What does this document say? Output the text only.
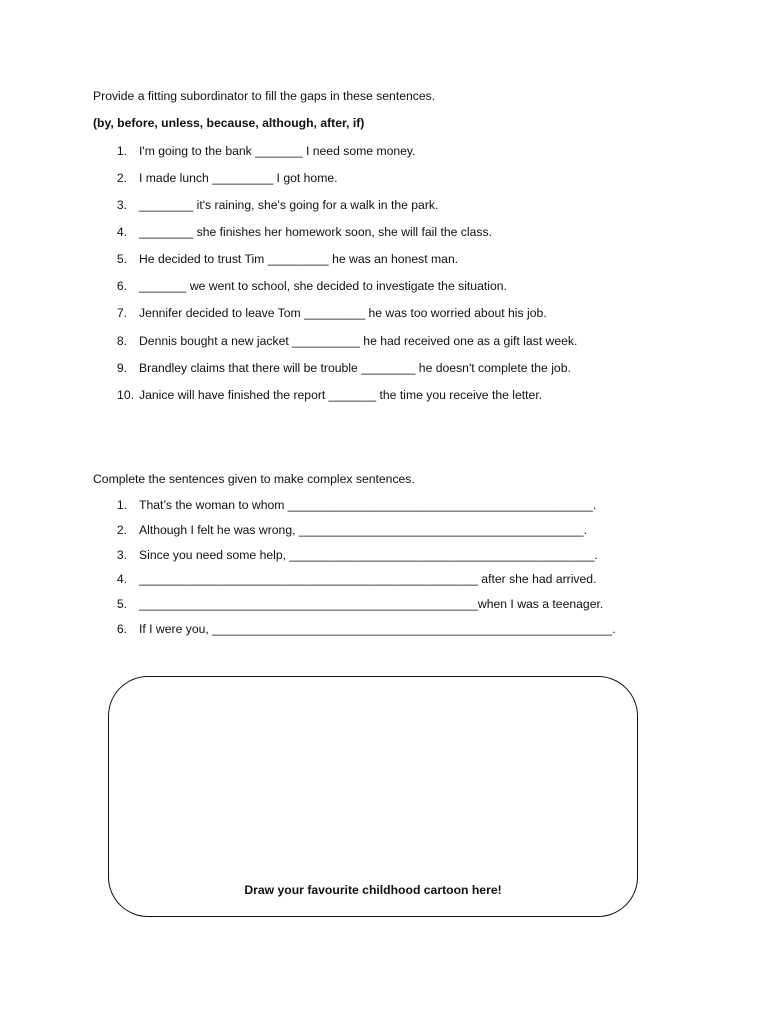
Provide a fitting subordinator to fill the gaps in these sentences.
(by, before, unless, because, although, after, if)
1. I'm going to the bank _______ I need some money.
2. I made lunch _________ I got home.
3. ________ it's raining, she's going for a walk in the park.
4. ________ she finishes her homework soon, she will fail the class.
5. He decided to trust Tim _________ he was an honest man.
6. _______ we went to school, she decided to investigate the situation.
7. Jennifer decided to leave Tom _________ he was too worried about his job.
8. Dennis bought a new jacket __________ he had received one as a gift last week.
9. Brandley claims that there will be trouble ________ he doesn't complete the job.
10. Janice will have finished the report _______ the time you receive the letter.
Complete the sentences given to make complex sentences.
1. That’s the woman to whom _____________________________________________.
2. Although I felt he was wrong, __________________________________________.
3. Since you need some help, _____________________________________________.
4. __________________________________________________ after she had arrived.
5. __________________________________________________when I was a teenager.
6. If I were you, ___________________________________________________________.
Draw your favourite childhood cartoon here!
